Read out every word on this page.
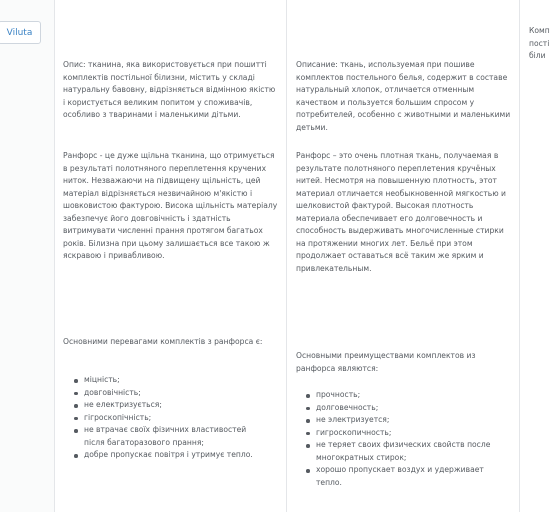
Viluta

Опис: тканина, яка використовується при пошитті комплектів постільної білизни, містить у складі натуральну бавовну, відрізняється відмінною якістю і користується великим попитом у споживачів, особливо з тваринами і маленькими дітьми.

Ранфорс - це дуже щільна тканина, що отримується в результаті полотняного переплетення кручених ниток. Незважаючи на підвищену щільність, цей матеріал відрізняється незвичайною м'якістю і шовковистою фактурою. Висока щільність матеріалу забезпечує його довговічність і здатність витримувати численні прання протягом багатьох років. Білизна при цьому залишається все такою ж яскравою і привабливою.

Основними перевагами комплектів з ранфорса є:

міцність;
довговічність;
не електризується;
гігроскопічність;
не втрачає своїх фізичних властивостей після багаторазового прання;
добре пропускає повітря і утримує тепло.

Описание: ткань, используемая при пошиве комплектов постельного белья, содержит в составе натуральный хлопок, отличается отменным качеством и пользуется большим спросом у потребителей, особенно с животными и маленькими детьми.

Ранфорс – это очень плотная ткань, получаемая в результате полотняного переплетения кручёных нитей. Несмотря на повышенную плотность, этот материал отличается необыкновенной мягкостью и шелковистой фактурой. Высокая плотность материала обеспечивает его долговечность и способность выдерживать многочисленные стирки на протяжении многих лет. Бельё при этом продолжает оставаться всё таким же ярким и привлекательным.

Основными преимуществами комплектов из ранфорса являются:

прочность;
долговечность;
не электризуется;
гигроскопичность;
не теряет своих физических свойств после многократных стирок;
хорошо пропускает воздух и удерживает тепло.
Комп
пості
біли
